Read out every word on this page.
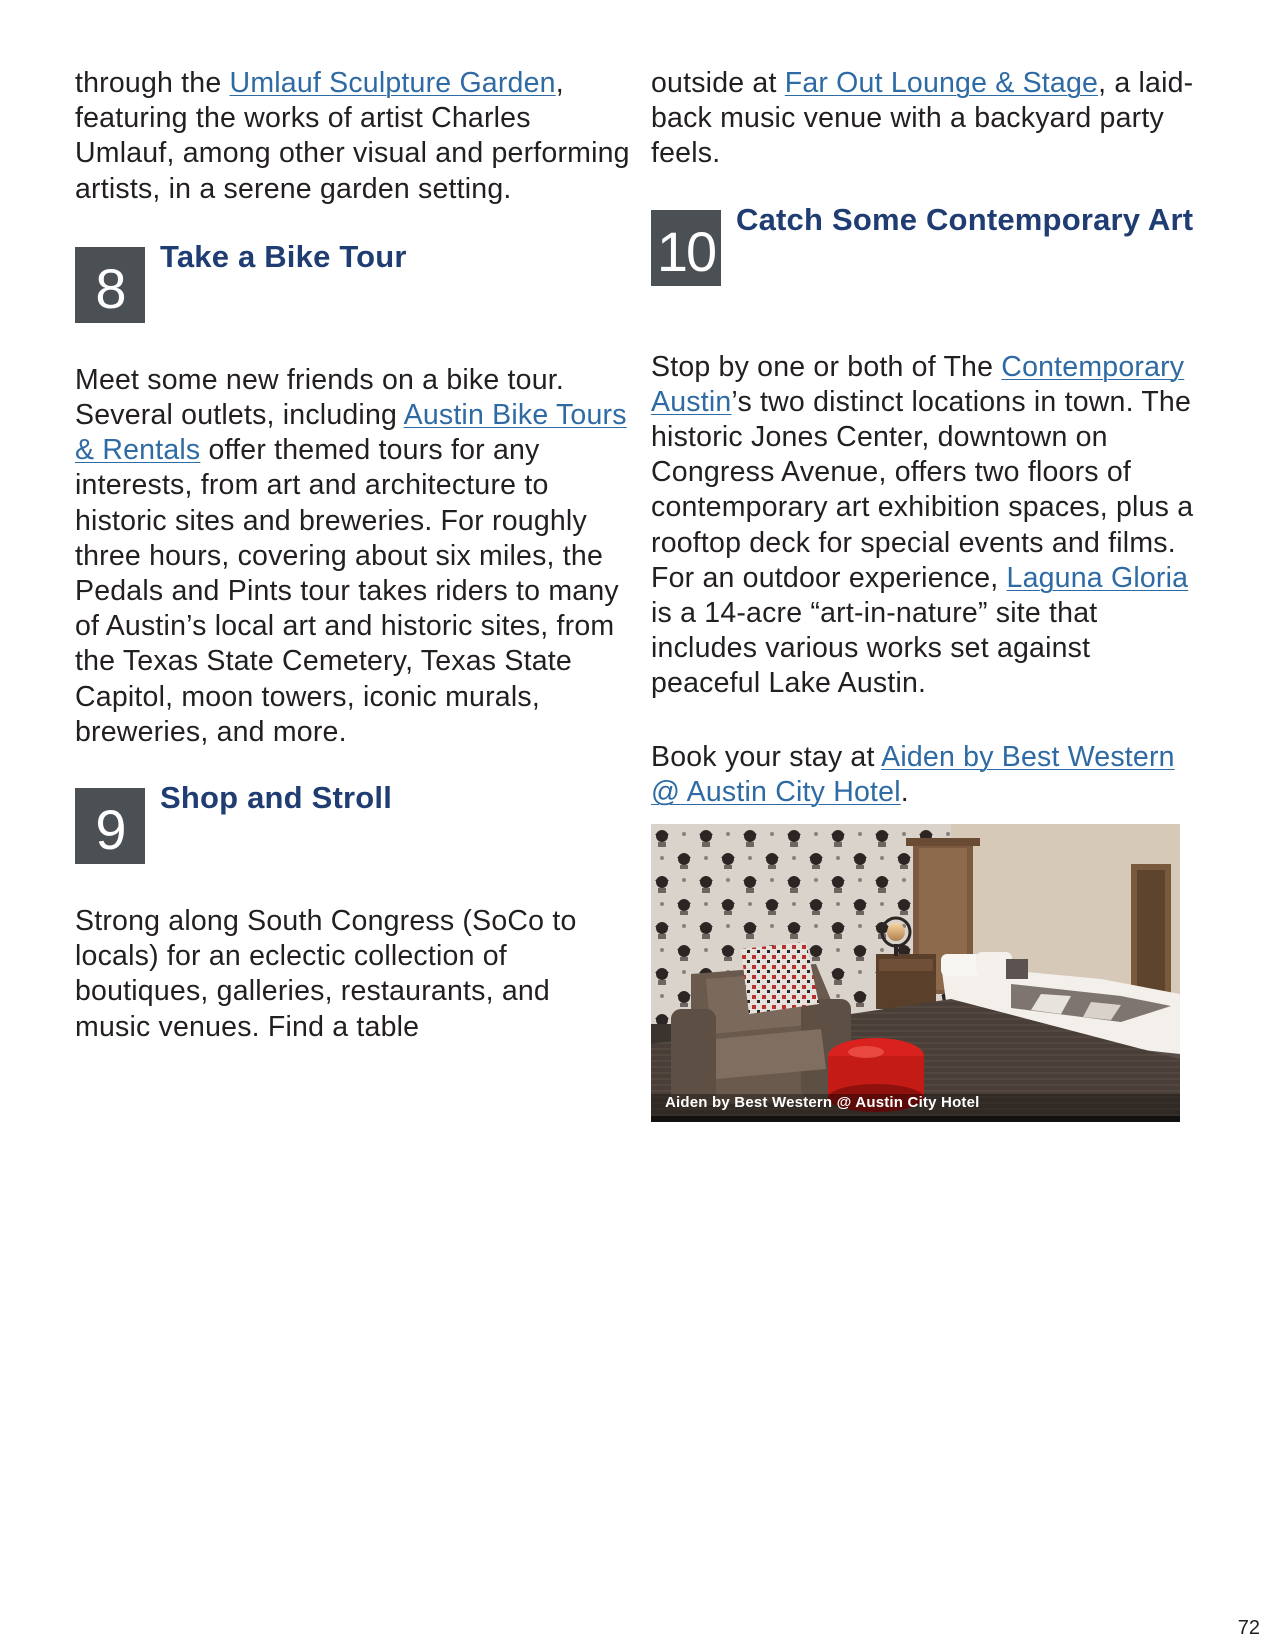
through the Umlauf Sculpture Garden, featuring the works of artist Charles Umlauf, among other visual and performing artists, in a serene garden setting.

8
Take a Bike Tour

Meet some new friends on a bike tour. Several outlets, including Austin Bike Tours & Rentals offer themed tours for any interests, from art and architecture to historic sites and breweries. For roughly three hours, covering about six miles, the Pedals and Pints tour takes riders to many of Austin’s local art and historic sites, from the Texas State Cemetery, Texas State Capitol, moon towers, iconic murals, breweries, and more.

9
Shop and Stroll

Strong along South Congress (SoCo to locals) for an eclectic collection of boutiques, galleries, restaurants, and music venues. Find a table

outside at Far Out Lounge & Stage, a laid-back music venue with a backyard party feels.

10
Catch Some Contemporary Art

Stop by one or both of The Contemporary Austin’s two distinct locations in town. The historic Jones Center, downtown on Congress Avenue, offers two floors of contemporary art exhibition spaces, plus a rooftop deck for special events and films. For an outdoor experience, Laguna Gloria is a 14-acre “art-in-nature” site that includes various works set against peaceful Lake Austin.

Book your stay at Aiden by Best Western @ Austin City Hotel.

Aiden by Best Western @ Austin City Hotel
72
